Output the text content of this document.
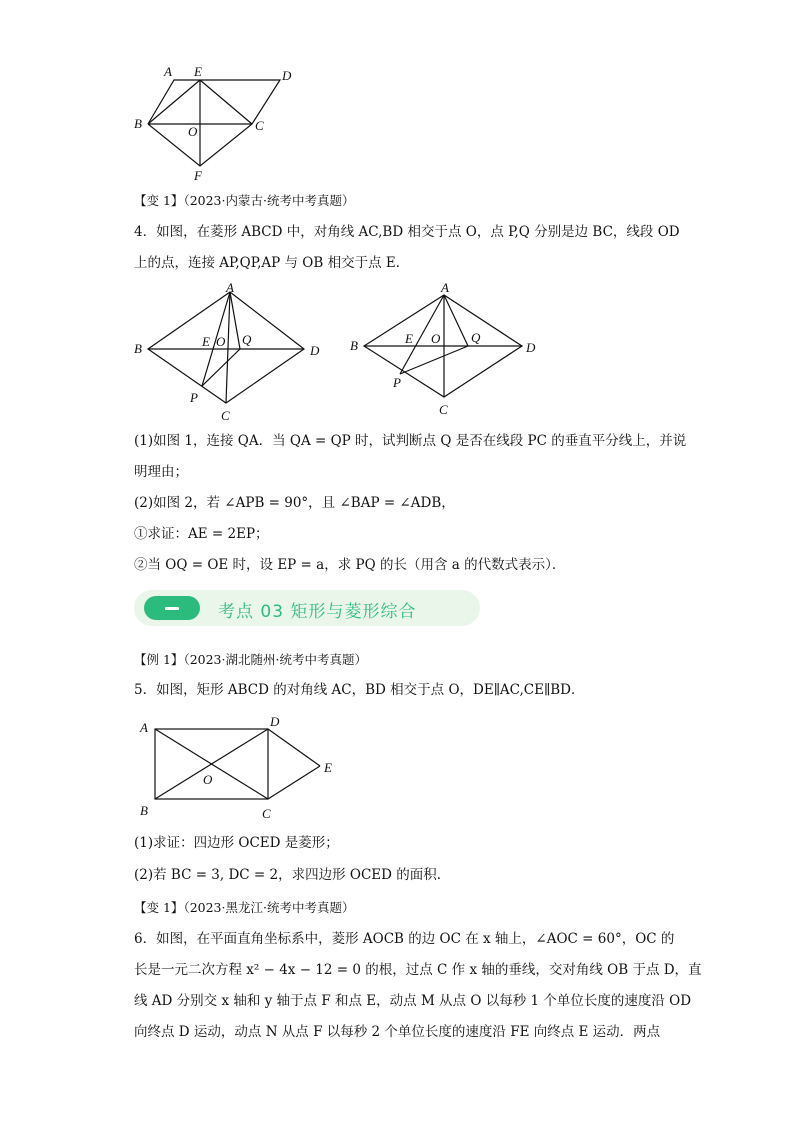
A E	D
B
O	C
F
【变 1】（2023·内蒙古·统考中考真题）
4．如图，在菱形 ABCD 中，对角线 AC,BD 相交于点 O，点 P,Q 分别是边 BC，线段 OD
上的点，连接 AP,QP,AP 与 OB 相交于点 E．
A
B	D
C
E O Q
P
A
B	D
C
E O Q
P
(1)如图 1，连接 QA．当 QA = QP 时，试判断点 Q 是否在线段 PC 的垂直平分线上，并说
明理由；
(2)如图 2，若 ∠APB = 90°，且 ∠BAP = ∠ADB，
①求证：AE = 2EP；
②当 OQ = OE 时，设 EP = a，求 PQ 的长（用含 a 的代数式表示）．
考点 03 矩形与菱形综合
【例 1】（2023·湖北随州·统考中考真题）
5．如图，矩形 ABCD 的对角线 AC，BD 相交于点 O，DE∥AC,CE∥BD．
A	D
E
O
B	C
(1)求证：四边形 OCED 是菱形；
(2)若 BC = 3, DC = 2，求四边形 OCED 的面积．
【变 1】（2023·黑龙江·统考中考真题）
6．如图，在平面直角坐标系中，菱形 AOCB 的边 OC 在 x 轴上，∠AOC = 60°，OC 的
长是一元二次方程 x² − 4x − 12 = 0 的根，过点 C 作 x 轴的垂线，交对角线 OB 于点 D，直
线 AD 分别交 x 轴和 y 轴于点 F 和点 E，动点 M 从点 O 以每秒 1 个单位长度的速度沿 OD
向终点 D 运动，动点 N 从点 F 以每秒 2 个单位长度的速度沿 FE 向终点 E 运动．两点
